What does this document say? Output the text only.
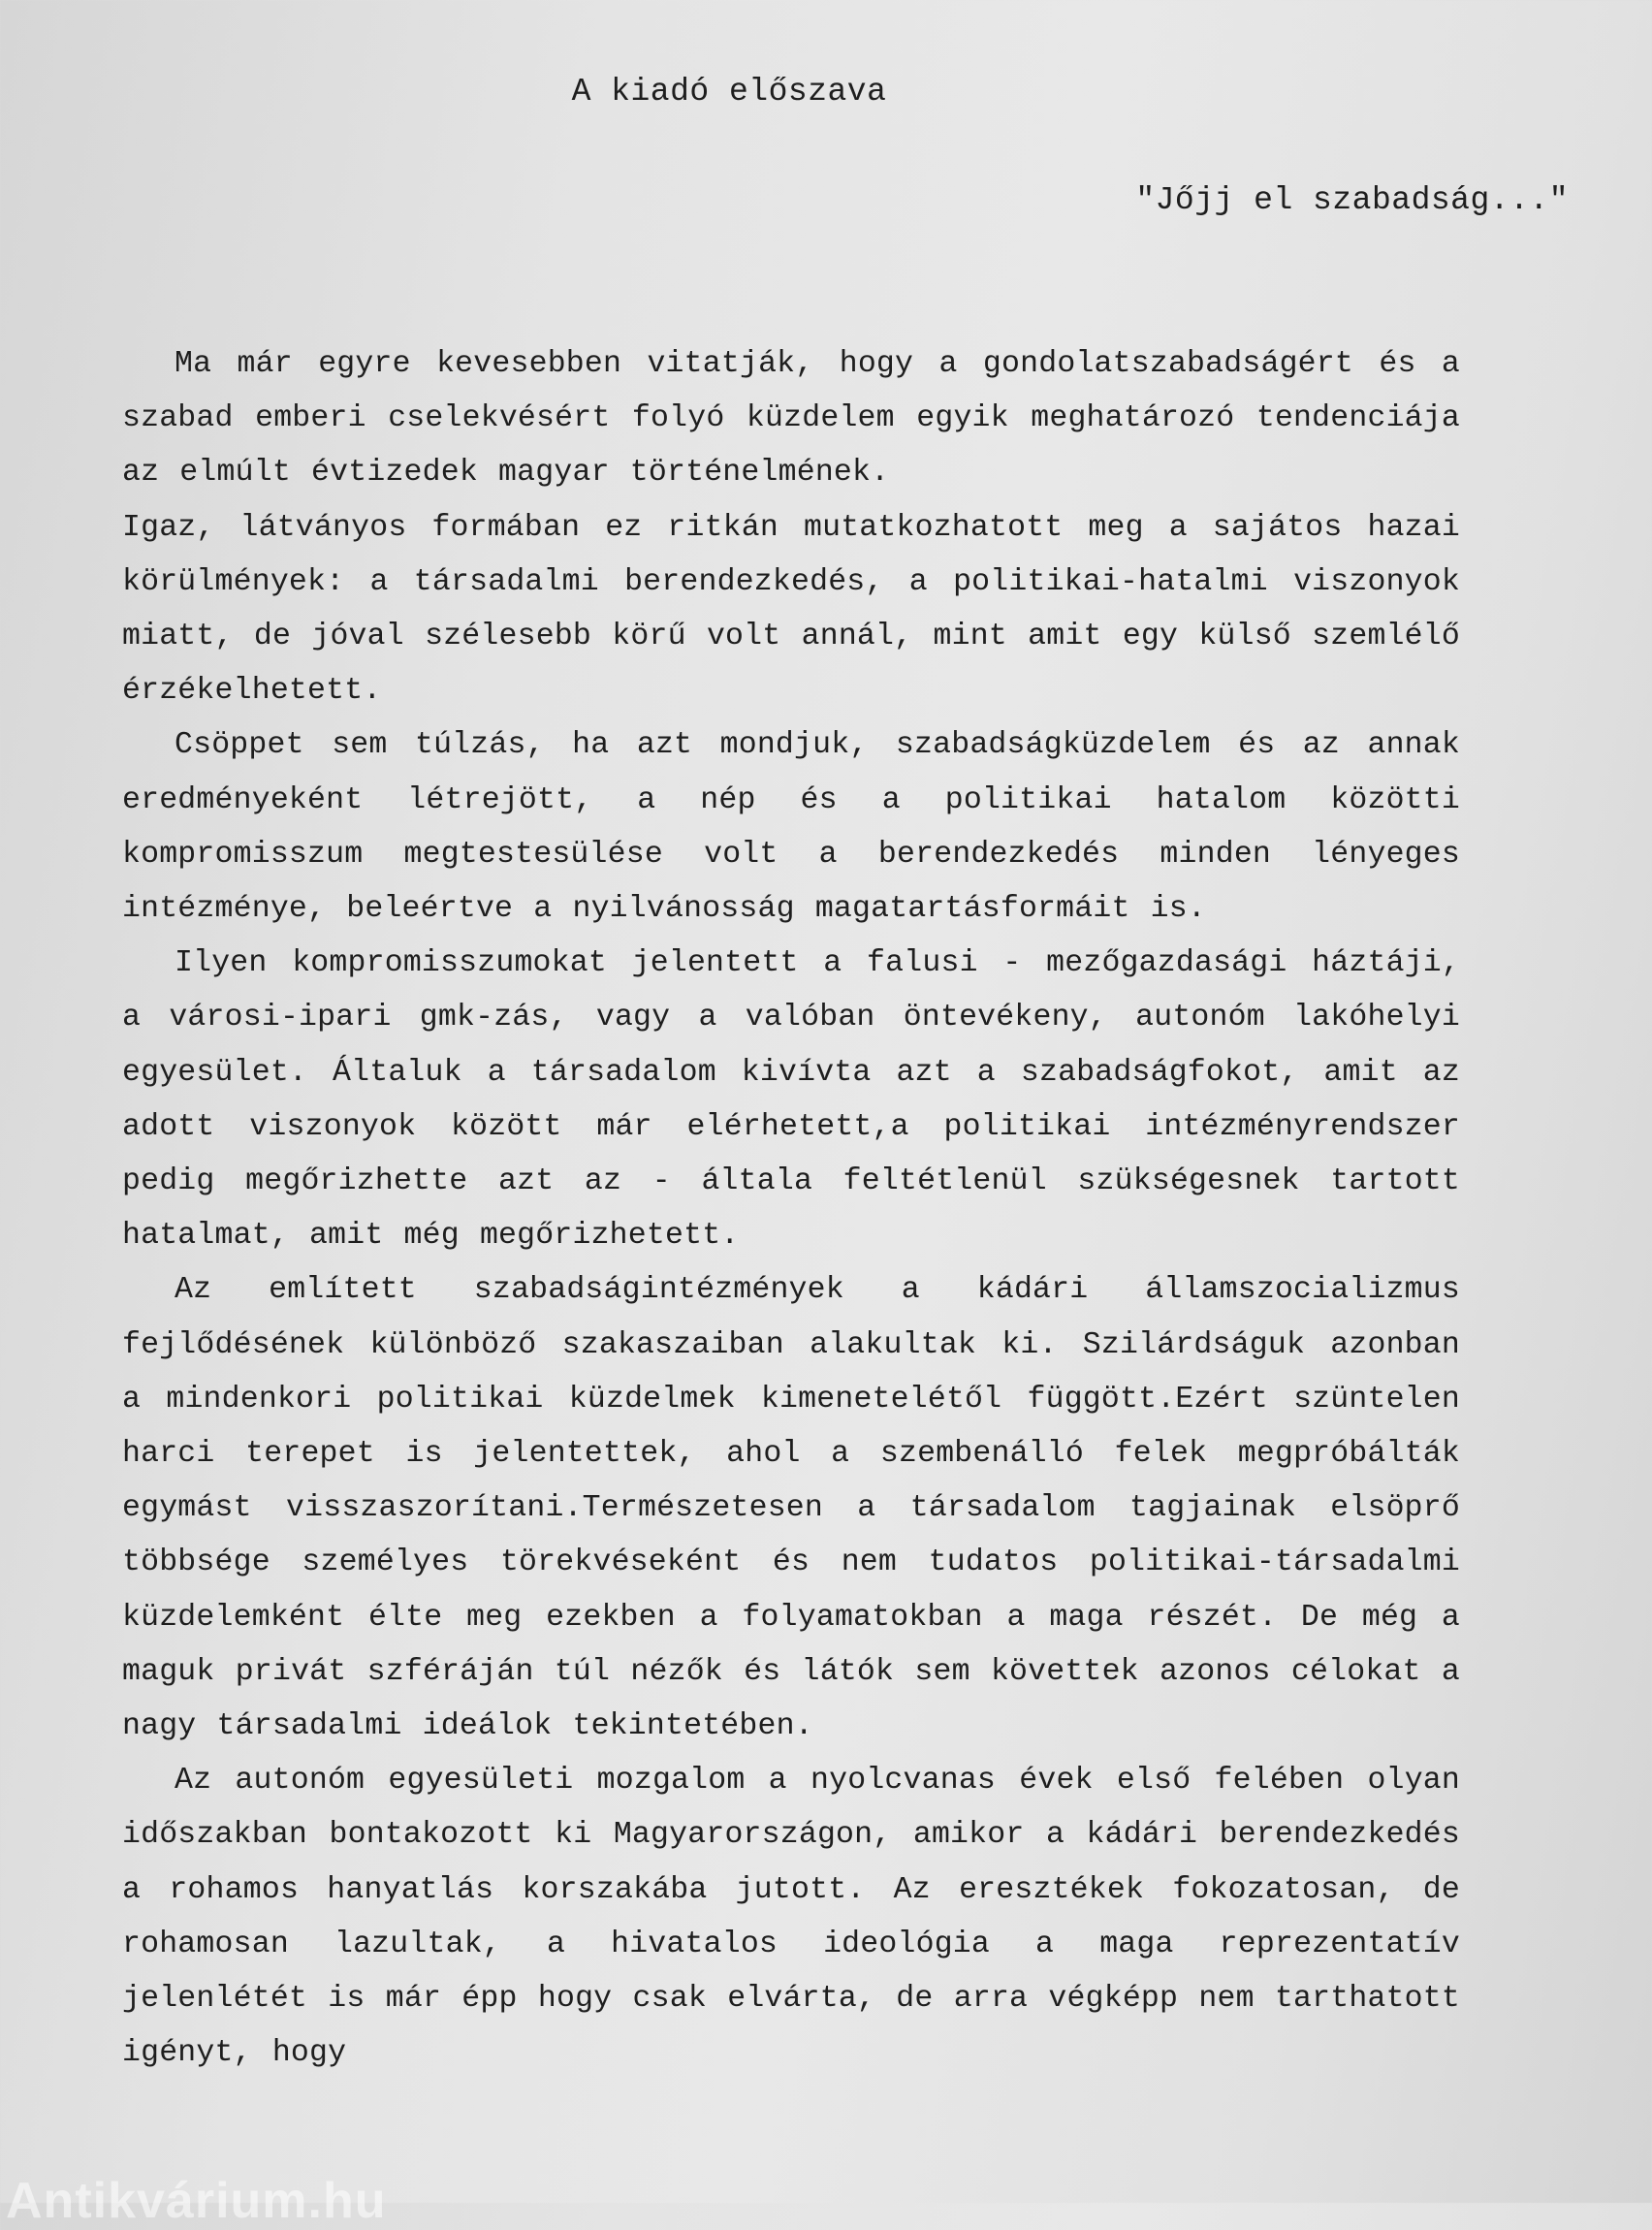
A kiadó előszava
"Jőjj el szabadság..."

Ma már egyre kevesebben vitatják, hogy a gondolatszabadságért és a szabad emberi cselekvésért folyó küzdelem egyik meghatározó tendenciája az elmúlt évtizedek magyar történelmének.

Igaz, látványos formában ez ritkán mutatkozhatott meg a sajátos hazai körülmények: a társadalmi berendezkedés, a politikai-hatalmi viszonyok miatt, de jóval szélesebb körű volt annál, mint amit egy külső szemlélő érzékelhetett.

Csöppet sem túlzás, ha azt mondjuk, szabadságküzdelem és az annak eredményeként létrejött, a nép és a politikai hatalom közötti kompromisszum megtestesülése volt a berendezkedés minden lényeges intézménye, beleértve a nyilvánosság magatartásformáit is.

Ilyen kompromisszumokat jelentett a falusi - mezőgazdasági háztáji, a városi-ipari gmk-zás, vagy a valóban öntevékeny, autonóm lakóhelyi egyesület. Általuk a társadalom kivívta azt a szabadságfokot, amit az adott viszonyok között már elérhetett,a politikai intézményrendszer pedig megőrizhette azt az - általa feltétlenül szükségesnek tartott hatalmat, amit még megőrizhetett.

Az említett szabadságintézmények a kádári államszocializmus fejlődésének különböző szakaszaiban alakultak ki. Szilárdságuk azonban a mindenkori politikai küzdelmek kimenetelétől függött.Ezért szüntelen harci terepet is jelentettek, ahol a szembenálló felek megpróbálták egymást visszaszorítani.Természetesen a társadalom tagjainak elsöprő többsége személyes törekvéseként és nem tudatos politikai-társadalmi küzdelemként élte meg ezekben a folyamatokban a maga részét. De még a maguk privát szféráján túl nézők és látók sem követtek azonos célokat a nagy társadalmi ideálok tekintetében.

Az autonóm egyesületi mozgalom a nyolcvanas évek első felében olyan időszakban bontakozott ki Magyarországon, amikor a kádári berendezkedés a rohamos hanyatlás korszakába jutott. Az eresztékek fokozatosan, de rohamosan lazultak, a hivatalos ideológia a maga reprezentatív jelenlétét is már épp hogy csak elvárta, de arra végképp nem tarthatott igényt, hogy

Antikvárium.hu
